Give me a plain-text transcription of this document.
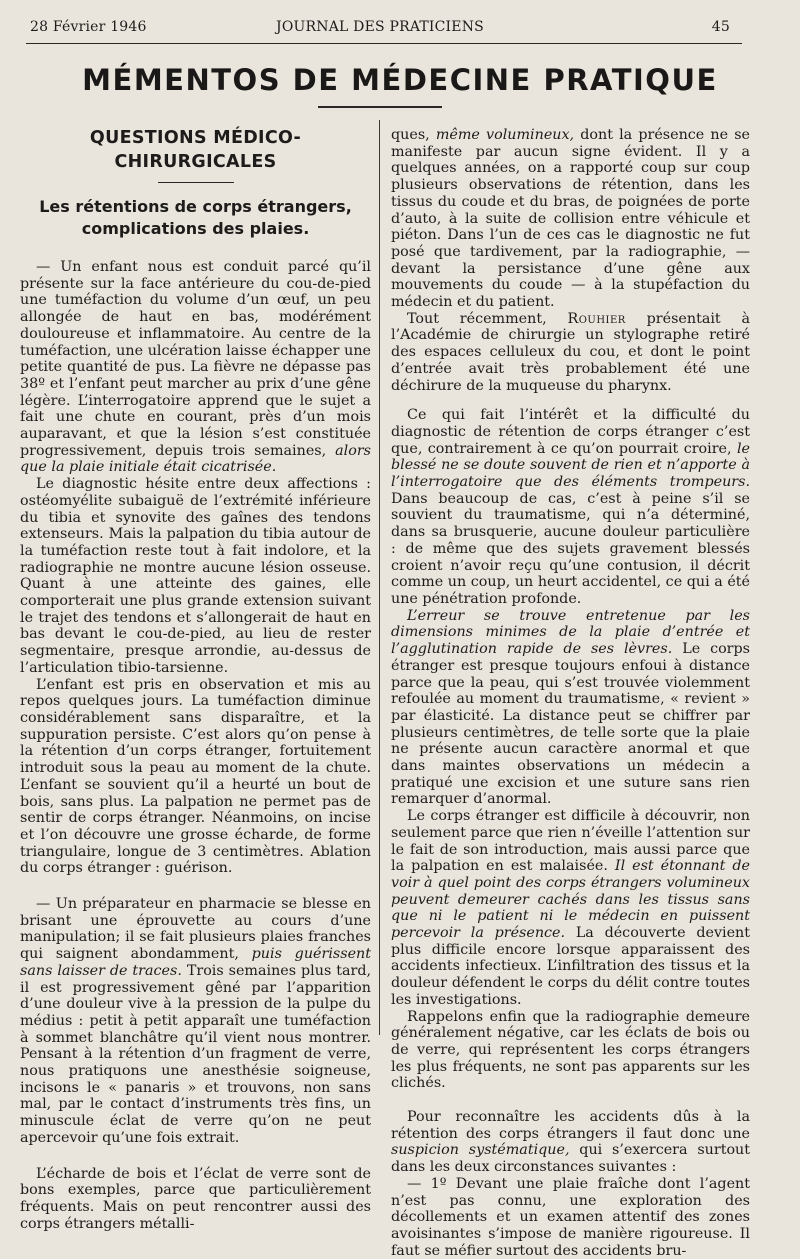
28 Février 1946	JOURNAL DES PRATICIENS	45
MÉMENTOS DE MÉDECINE PRATIQUE
QUESTIONS MÉDICO-CHIRURGICALES
Les rétentions de corps étrangers, complications des plaies.

— Un enfant nous est conduit parcé qu’il présente sur la face antérieure du cou-de-pied une tuméfaction du volume d’un œuf, un peu allongée de haut en bas, modérément douloureuse et inflammatoire. Au centre de la tuméfaction, une ulcération laisse échapper une petite quantité de pus. La fièvre ne dépasse pas 38º et l’enfant peut marcher au prix d’une gêne légère. L’interrogatoire apprend que le sujet a fait une chute en courant, près d’un mois auparavant, et que la lésion s’est constituée progressivement, depuis trois semaines, alors que la plaie initiale était cicatrisée.

Le diagnostic hésite entre deux affections : ostéomyélite subaiguë de l’extrémité inférieure du tibia et synovite des gaînes des tendons extenseurs. Mais la palpation du tibia autour de la tuméfaction reste tout à fait indolore, et la radiographie ne montre aucune lésion osseuse. Quant à une atteinte des gaines, elle comporterait une plus grande extension suivant le trajet des tendons et s’allongerait de haut en bas devant le cou-de-pied, au lieu de rester segmentaire, presque arrondie, au-dessus de l’articulation tibio-tarsienne.

L’enfant est pris en observation et mis au repos quelques jours. La tuméfaction diminue considérablement sans disparaître, et la suppuration persiste. C’est alors qu’on pense à la rétention d’un corps étranger, fortuitement introduit sous la peau au moment de la chute. L’enfant se souvient qu’il a heurté un bout de bois, sans plus. La palpation ne permet pas de sentir de corps étranger. Néanmoins, on incise et l’on découvre une grosse écharde, de forme triangulaire, longue de 3 centimètres. Ablation du corps étranger : guérison.

— Un préparateur en pharmacie se blesse en brisant une éprouvette au cours d’une manipulation; il se fait plusieurs plaies franches qui saignent abondamment, puis guérissent sans laisser de traces. Trois semaines plus tard, il est progressivement gêné par l’apparition d’une douleur vive à la pression de la pulpe du médius : petit à petit apparaît une tuméfaction à sommet blanchâtre qu’il vient nous montrer. Pensant à la rétention d’un fragment de verre, nous pratiquons une anesthésie soigneuse, incisons le « panaris » et trouvons, non sans mal, par le contact d’instruments très fins, un minuscule éclat de verre qu’on ne peut apercevoir qu’une fois extrait.

L’écharde de bois et l’éclat de verre sont de bons exemples, parce que particulièrement fréquents. Mais on peut rencontrer aussi des corps étrangers métalli-

ques, même volumineux, dont la présence ne se manifeste par aucun signe évident. Il y a quelques années, on a rapporté coup sur coup plusieurs observations de rétention, dans les tissus du coude et du bras, de poignées de porte d’auto, à la suite de collision entre véhicule et piéton. Dans l’un de ces cas le diagnostic ne fut posé que tardivement, par la radiographie, — devant la persistance d’une gêne aux mouvements du coude — à la stupéfaction du médecin et du patient.

Tout récemment, Rouhier présentait à l’Académie de chirurgie un stylographe retiré des espaces celluleux du cou, et dont le point d’entrée avait très probablement été une déchirure de la muqueuse du pharynx.

Ce qui fait l’intérêt et la difficulté du diagnostic de rétention de corps étranger c’est que, contrairement à ce qu’on pourrait croire, le blessé ne se doute souvent de rien et n’apporte à l’interrogatoire que des éléments trompeurs. Dans beaucoup de cas, c’est à peine s’il se souvient du traumatisme, qui n’a déterminé, dans sa brusquerie, aucune douleur particulière : de même que des sujets gravement blessés croient n’avoir reçu qu’une contusion, il décrit comme un coup, un heurt accidentel, ce qui a été une pénétration profonde.

L’erreur se trouve entretenue par les dimensions minimes de la plaie d’entrée et l’agglutination rapide de ses lèvres. Le corps étranger est presque toujours enfoui à distance parce que la peau, qui s’est trouvée violemment refoulée au moment du traumatisme, « revient » par élasticité. La distance peut se chiffrer par plusieurs centimètres, de telle sorte que la plaie ne présente aucun caractère anormal et que dans maintes observations un médecin a pratiqué une excision et une suture sans rien remarquer d’anormal.

Le corps étranger est difficile à découvrir, non seulement parce que rien n’éveille l’attention sur le fait de son introduction, mais aussi parce que la palpation en est malaisée. Il est étonnant de voir à quel point des corps étrangers volumineux peuvent demeurer cachés dans les tissus sans que ni le patient ni le médecin en puissent percevoir la présence. La découverte devient plus difficile encore lorsque apparaissent des accidents infectieux. L’infiltration des tissus et la douleur défendent le corps du délit contre toutes les investigations.

Rappelons enfin que la radiographie demeure généralement négative, car les éclats de bois ou de verre, qui représentent les corps étrangers les plus fréquents, ne sont pas apparents sur les clichés.

Pour reconnaître les accidents dûs à la rétention des corps étrangers il faut donc une suspicion systématique, qui s’exercera surtout dans les deux circonstances suivantes :

— 1º Devant une plaie fraîche dont l’agent n’est pas connu, une exploration des décollements et un examen attentif des zones avoisinantes s’impose de manière rigoureuse. Il faut se méfier surtout des accidents bru-
